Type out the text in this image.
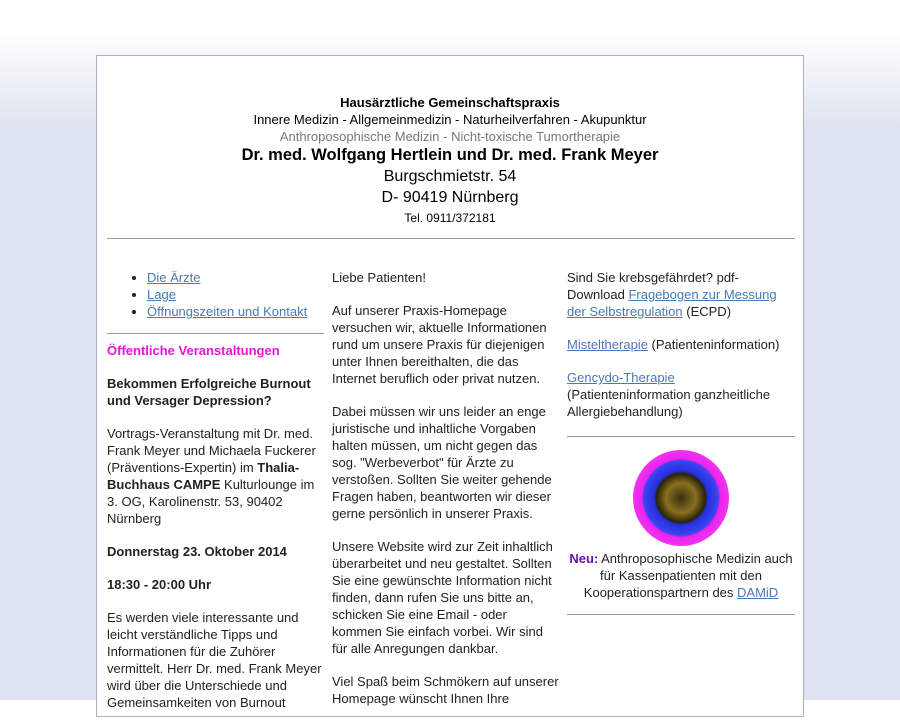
Hausärztliche Gemeinschaftspraxis
Innere Medizin - Allgemeinmedizin - Naturheilverfahren - Akupunktur
Anthroposophische Medizin - Nicht-toxische Tumortherapie
Dr. med. Wolfgang Hertlein und Dr. med. Frank Meyer
Burgschmietstr. 54
D- 90419 Nürnberg
Tel. 0911/372181
• Die Ärzte
• Lage
• Öffnungszeiten und Kontakt

Öffentliche Veranstaltungen

Bekommen Erfolgreiche Burnout und Versager Depression?

Vortrags-Veranstaltung mit Dr. med. Frank Meyer und Michaela Fuckerer (Präventions-Expertin) im Thalia-Buchhaus CAMPE Kulturlounge im 3. OG, Karolinenstr. 53, 90402 Nürnberg

Donnerstag 23. Oktober 2014

18:30 - 20:00 Uhr

Es werden viele interessante und leicht verständliche Tipps und Informationen für die Zuhörer vermittelt. Herr Dr. med. Frank Meyer wird über die Unterschiede und Gemeinsamkeiten von Burnout

Liebe Patienten!

Auf unserer Praxis-Homepage versuchen wir, aktuelle Informationen rund um unsere Praxis für diejenigen unter Ihnen bereithalten, die das Internet beruflich oder privat nutzen.

Dabei müssen wir uns leider an enge juristische und inhaltliche Vorgaben halten müssen, um nicht gegen das sog. "Werbeverbot" für Ärzte zu verstoßen. Sollten Sie weiter gehende Fragen haben, beantworten wir dieser gerne persönlich in unserer Praxis.

Unsere Website wird zur Zeit inhaltlich überarbeitet und neu gestaltet. Sollten Sie eine gewünschte Information nicht finden, dann rufen Sie uns bitte an, schicken Sie eine Email - oder kommen Sie einfach vorbei. Wir sind für alle Anregungen dankbar.

Viel Spaß beim Schmökern auf unserer Homepage wünscht Ihnen Ihre

Sind Sie krebsgefährdet? pdf-Download Fragebogen zur Messung der Selbstregulation (ECPD)

Misteltherapie (Patienteninformation)

Gencydo-Therapie
(Patienteninformation ganzheitliche Allergiebehandlung)

Neu: Anthroposophische Medizin auch für Kassenpatienten mit den Kooperationspartnern des DAMiD
